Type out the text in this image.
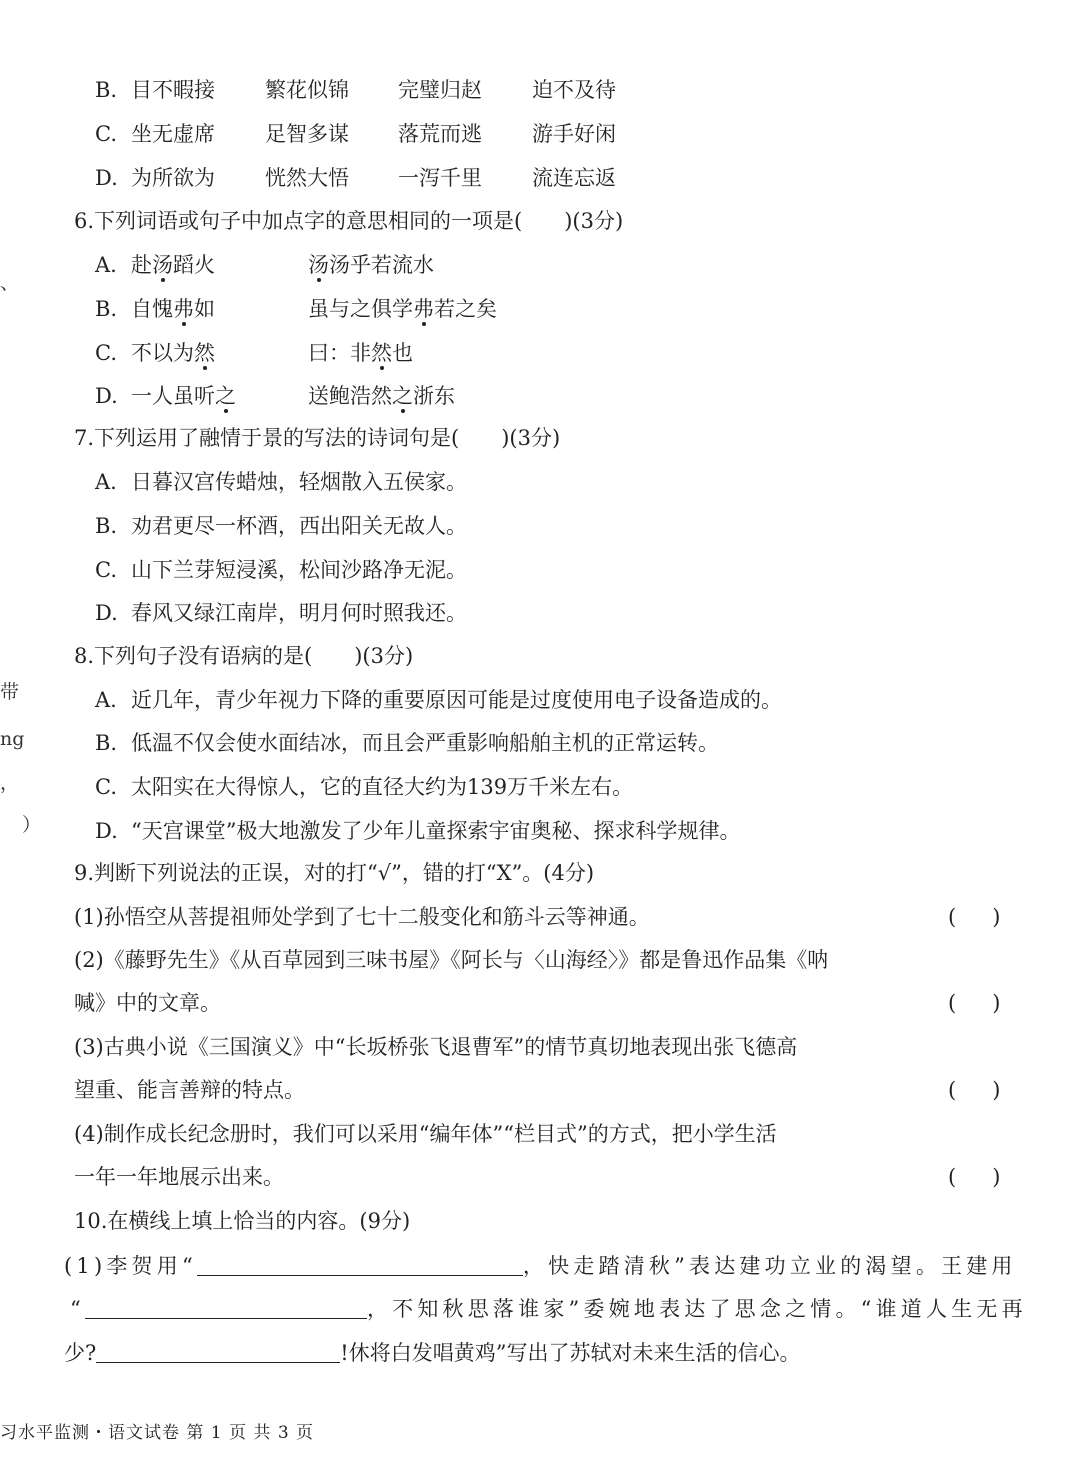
、
带
ng
，
）
B. 目不暇接 繁花似锦 完璧归赵 迫不及待
C. 坐无虚席 足智多谋 落荒而逃 游手好闲
D. 为所欲为 恍然大悟 一泻千里 流连忘返
6.下列词语或句子中加点字的意思相同的一项是(　　)(3分)
A. 赴汤蹈火	汤汤乎若流水
B. 自愧弗如	虽与之俱学弗若之矣
C. 不以为然	曰：非然也
D. 一人虽听之	送鲍浩然之浙东
7.下列运用了融情于景的写法的诗词句是(　　)(3分)
A. 日暮汉宫传蜡烛，轻烟散入五侯家。
B. 劝君更尽一杯酒，西出阳关无故人。
C. 山下兰芽短浸溪，松间沙路净无泥。
D. 春风又绿江南岸，明月何时照我还。
8.下列句子没有语病的是(　　)(3分)
A. 近几年，青少年视力下降的重要原因可能是过度使用电子设备造成的。
B. 低温不仅会使水面结冰，而且会严重影响船舶主机的正常运转。
C. 太阳实在大得惊人，它的直径大约为139万千米左右。
D. “天宫课堂”极大地激发了少年儿童探索宇宙奥秘、探求科学规律。
9.判断下列说法的正误，对的打“√”，错的打“X”。(4分)
(1)孙悟空从菩提祖师处学到了七十二般变化和筋斗云等神通。	( )
(2)《藤野先生》《从百草园到三味书屋》《阿长与〈山海经〉》都是鲁迅作品集《呐
喊》中的文章。	( )
(3)古典小说《三国演义》中“长坂桥张飞退曹军”的情节真切地表现出张飞德高
望重、能言善辩的特点。	( )
(4)制作成长纪念册时，我们可以采用“编年体”“栏目式”的方式，把小学生活
一年一年地展示出来。	( )
10.在横线上填上恰当的内容。(9分)
(1)李贺用“	，快走踏清秋”表达建功立业的渴望。王建用
“	，不知秋思落谁家”委婉地表达了思念之情。“谁道人生无再
少?	!休将白发唱黄鸡”写出了苏轼对未来生活的信心。
习水平监测・语文试卷 第 1 页 共 3 页
